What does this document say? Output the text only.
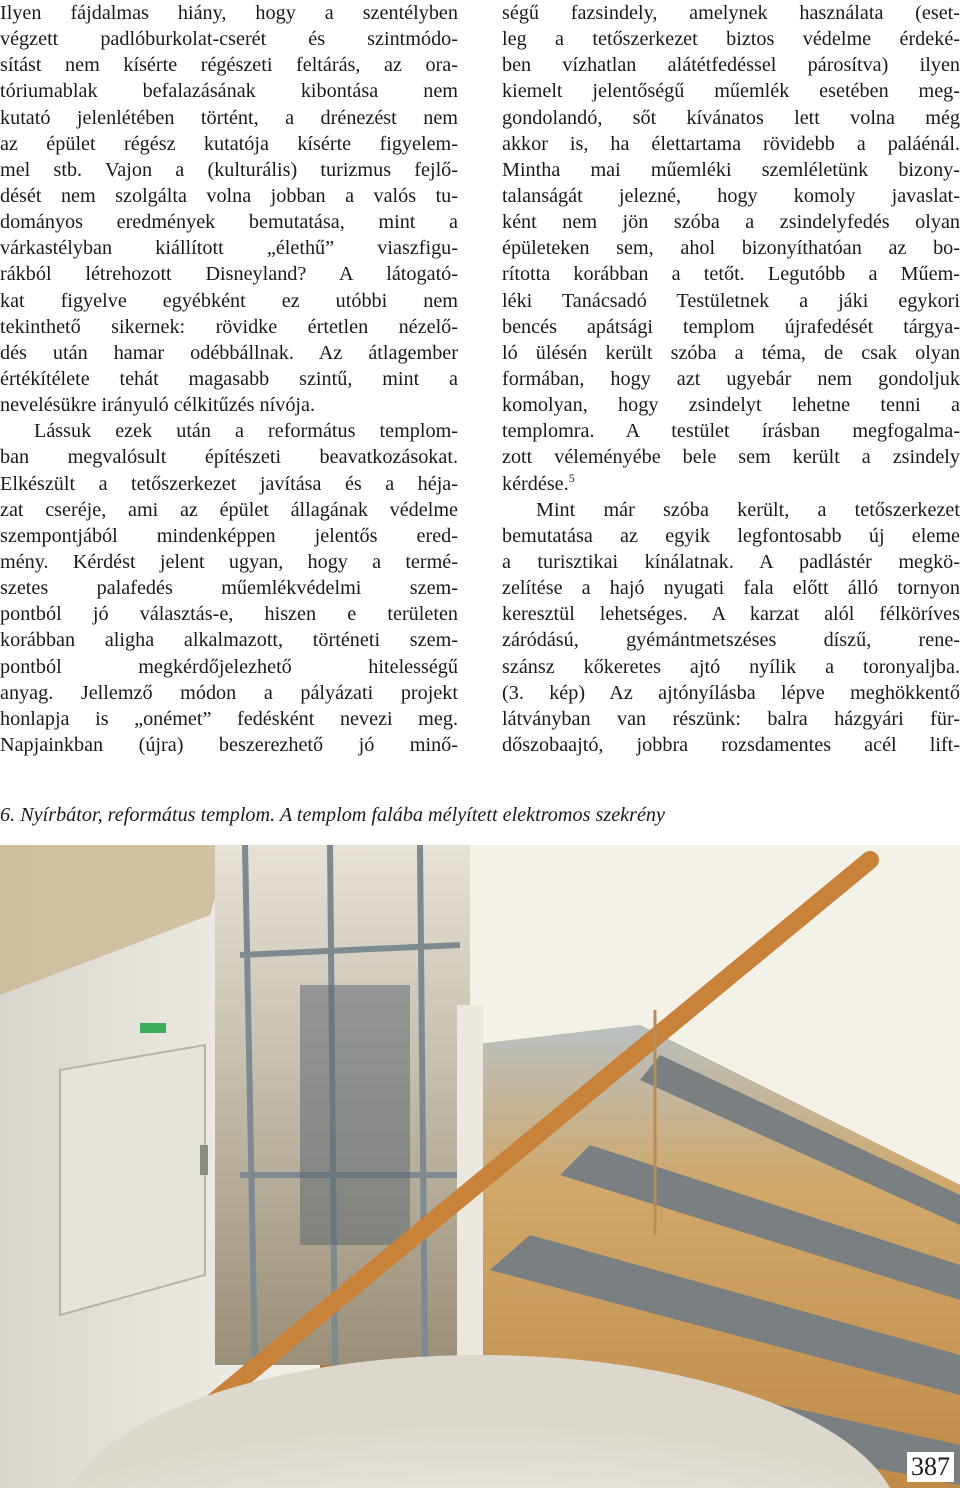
Ilyen fájdalmas hiány, hogy a szentélyben
végzett padlóburkolat-cserét és szintmódo-
sítást nem kísérte régészeti feltárás, az ora-
tóriumablak befalazásának kibontása nem
kutató jelenlétében történt, a drénezést nem
az épület régész kutatója kísérte figyelem-
mel stb. Vajon a (kulturális) turizmus fejlő-
dését nem szolgálta volna jobban a valós tu-
dományos eredmények bemutatása, mint a
várkastélyban kiállított „élethű” viaszfigu-
rákból létrehozott Disneyland? A látogató-
kat figyelve egyébként ez utóbbi nem
tekinthető sikernek: rövidke értetlen nézelő-
dés után hamar odébbállnak. Az átlagember
értékítélete tehát magasabb szintű, mint a
nevelésükre irányuló célkitűzés nívója.
Lássuk ezek után a református templom-
ban megvalósult építészeti beavatkozásokat.
Elkészült a tetőszerkezet javítása és a héja-
zat cseréje, ami az épület állagának védelme
szempontjából mindenképpen jelentős ered-
mény. Kérdést jelent ugyan, hogy a termé-
szetes palafedés műemlékvédelmi szem-
pontból jó választás-e, hiszen e területen
korábban aligha alkalmazott, történeti szem-
pontból megkérdőjelezhető hitelességű
anyag. Jellemző módon a pályázati projekt
honlapja is „onémet” fedésként nevezi meg.
Napjainkban (újra) beszerezhető jó minő-
ségű fazsindely, amelynek használata (eset-
leg a tetőszerkezet biztos védelme érdeké-
ben vízhatlan alátétfedéssel párosítva) ilyen
kiemelt jelentőségű műemlék esetében meg-
gondolandó, sőt kívánatos lett volna még
akkor is, ha élettartama rövidebb a paláénál.
Mintha mai műemléki szemléletünk bizony-
talanságát jelezné, hogy komoly javaslat-
ként nem jön szóba a zsindelyfedés olyan
épületeken sem, ahol bizonyíthatóan az bo-
rította korábban a tetőt. Legutóbb a Műem-
léki Tanácsadó Testületnek a jáki egykori
bencés apátsági templom újrafedését tárgya-
ló ülésén került szóba a téma, de csak olyan
formában, hogy azt ugyebár nem gondoljuk
komolyan, hogy zsindelyt lehetne tenni a
templomra. A testület írásban megfogalma-
zott véleményébe bele sem került a zsindely
kérdése.$^5$
Mint már szóba került, a tetőszerkezet
bemutatása az egyik legfontosabb új eleme
a turisztikai kínálatnak. A padlástér megkö-
zelítése a hajó nyugati fala előtt álló tornyon
keresztül lehetséges. A karzat alól félköríves
záródású, gyémántmetszéses díszű, rene-
szánsz kőkeretes ajtó nyílik a toronyaljba.
(3. kép) Az ajtónyílásba lépve meghökkentő
látványban van részünk: balra házgyári für-
dőszobaajtó, jobbra rozsdamentes acél lift-
6. Nyírbátor, református templom. A templom falába mélyített elektromos szekrény
387
